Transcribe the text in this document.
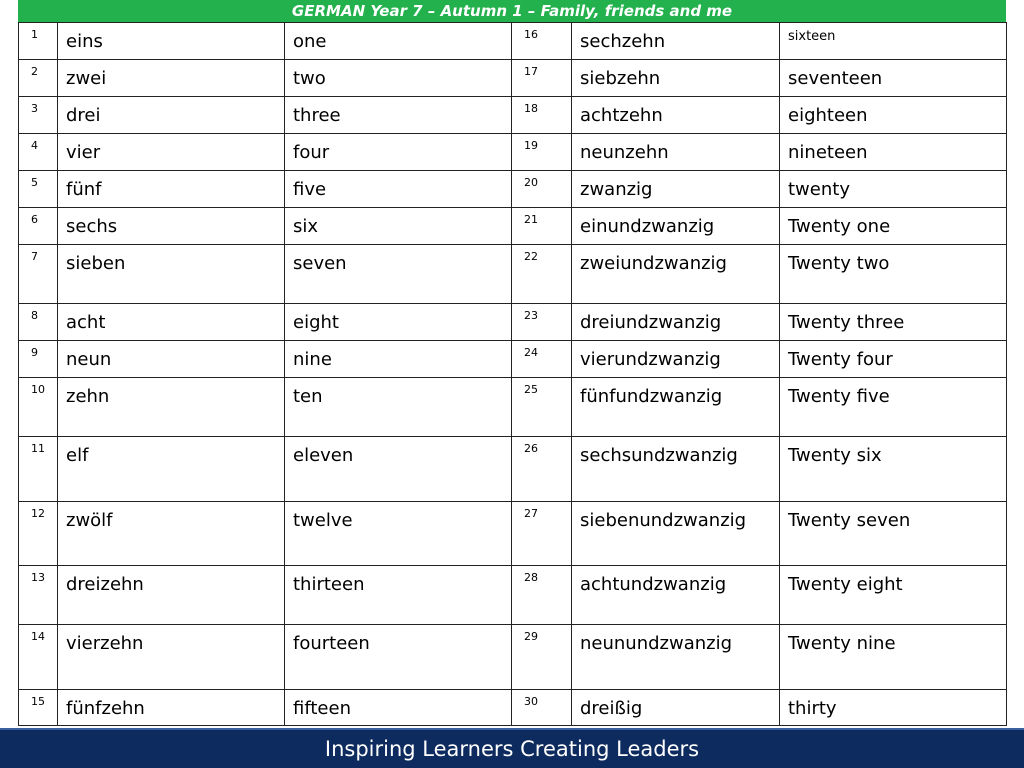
GERMAN Year 7 – Autumn 1 – Family, friends and me
1	eins	one	16	sechzehn	sixteen
2	zwei	two	17	siebzehn	seventeen
3	drei	three	18	achtzehn	eighteen
4	vier	four	19	neunzehn	nineteen
5	fünf	five	20	zwanzig	twenty
6	sechs	six	21	einundzwanzig	Twenty one
7	sieben	seven	22	zweiundzwanzig	Twenty two
8	acht	eight	23	dreiundzwanzig	Twenty three
9	neun	nine	24	vierundzwanzig	Twenty four
10	zehn	ten	25	fünfundzwanzig	Twenty five
11	elf	eleven	26	sechsundzwanzig	Twenty six
12	zwölf	twelve	27	siebenundzwanzig	Twenty seven
13	dreizehn	thirteen	28	achtundzwanzig	Twenty eight
14	vierzehn	fourteen	29	neunundzwanzig	Twenty nine
15	fünfzehn	fifteen	30	dreißig	thirty
Inspiring Learners Creating Leaders
